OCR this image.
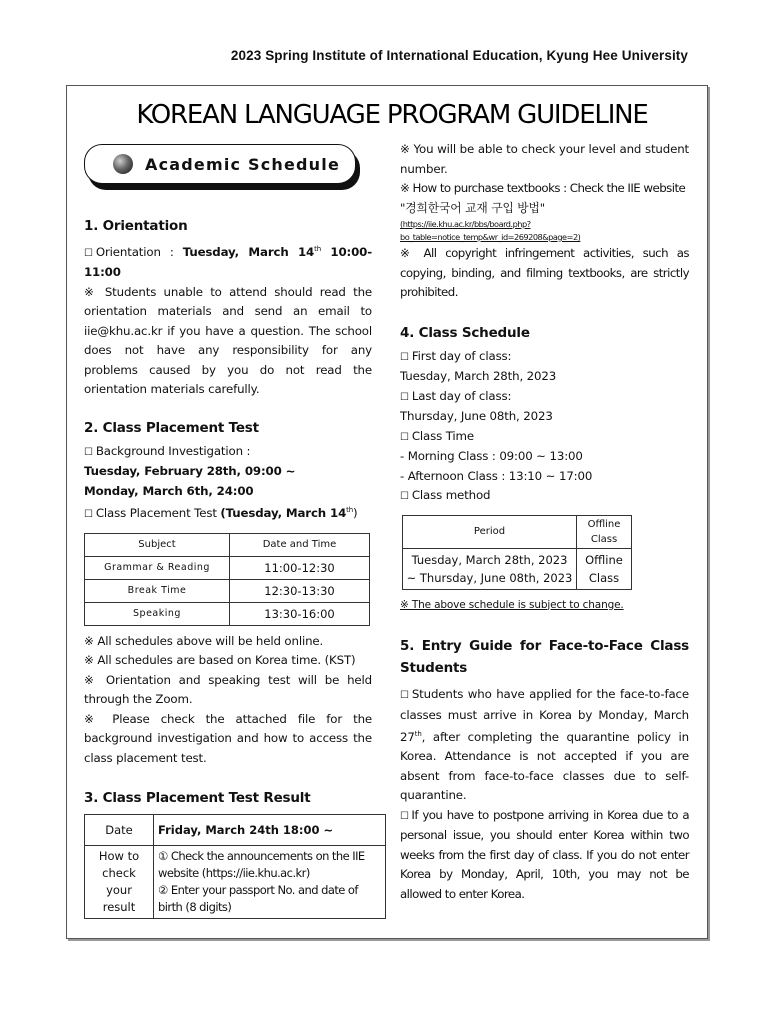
2023 Spring Institute of International Education, Kyung Hee University
KOREAN LANGUAGE PROGRAM GUIDELINE
Academic Schedule
1. Orientation

☐ Orientation : Tuesday, March 14th 10:00-11:00

※ Students unable to attend should read the orientation materials and send an email to iie@khu.ac.kr if you have a question. The school does not have any responsibility for any problems caused by you do not read the orientation materials carefully.

2. Class Placement Test

☐ Background Investigation :

Tuesday, February 28th, 09:00 ~

Monday, March 6th, 24:00

☐ Class Placement Test (Tuesday, March 14th)

Subject	Date and Time
Grammar & Reading	11:00-12:30
Break Time	12:30-13:30
Speaking	13:30-16:00

※ All schedules above will be held online.

※ All schedules are based on Korea time. (KST)

※ Orientation and speaking test will be held through the Zoom.

※ Please check the attached file for the background investigation and how to access the class placement test.

3. Class Placement Test Result
Date	Friday, March 24th 18:00 ~
How to check your result	① Check the announcements on the IIE website (https://iie.khu.ac.kr)
② Enter your passport No. and date of birth (8 digits)

※ You will be able to check your level and student number.

※ How to purchase textbooks : Check the IIE website

"경희한국어 교재 구입 방법"

(https://iie.khu.ac.kr/bbs/board.php?bo_table=notice_temp&wr_id=269208&page=2)

※ All copyright infringement activities, such as copying, binding, and filming textbooks, are strictly prohibited.

4. Class Schedule

☐ First day of class:

Tuesday, March 28th, 2023

☐ Last day of class:

Thursday, June 08th, 2023

☐ Class Time

- Morning Class : 09:00 ~ 13:00

- Afternoon Class : 13:10 ~ 17:00

☐ Class method

Period	Offline Class

Tuesday, March 28th, 2023
~ Thursday, June 08th, 2023	Offline Class

※ The above schedule is subject to change.

5. Entry Guide for Face-to-Face Class Students

☐ Students who have applied for the face-to-face classes must arrive in Korea by Monday, March 27th, after completing the quarantine policy in Korea. Attendance is not accepted if you are absent from face-to-face classes due to self-quarantine.

☐ If you have to postpone arriving in Korea due to a personal issue, you should enter Korea within two weeks from the first day of class. If you do not enter Korea by Monday, April, 10th, you may not be allowed to enter Korea.
